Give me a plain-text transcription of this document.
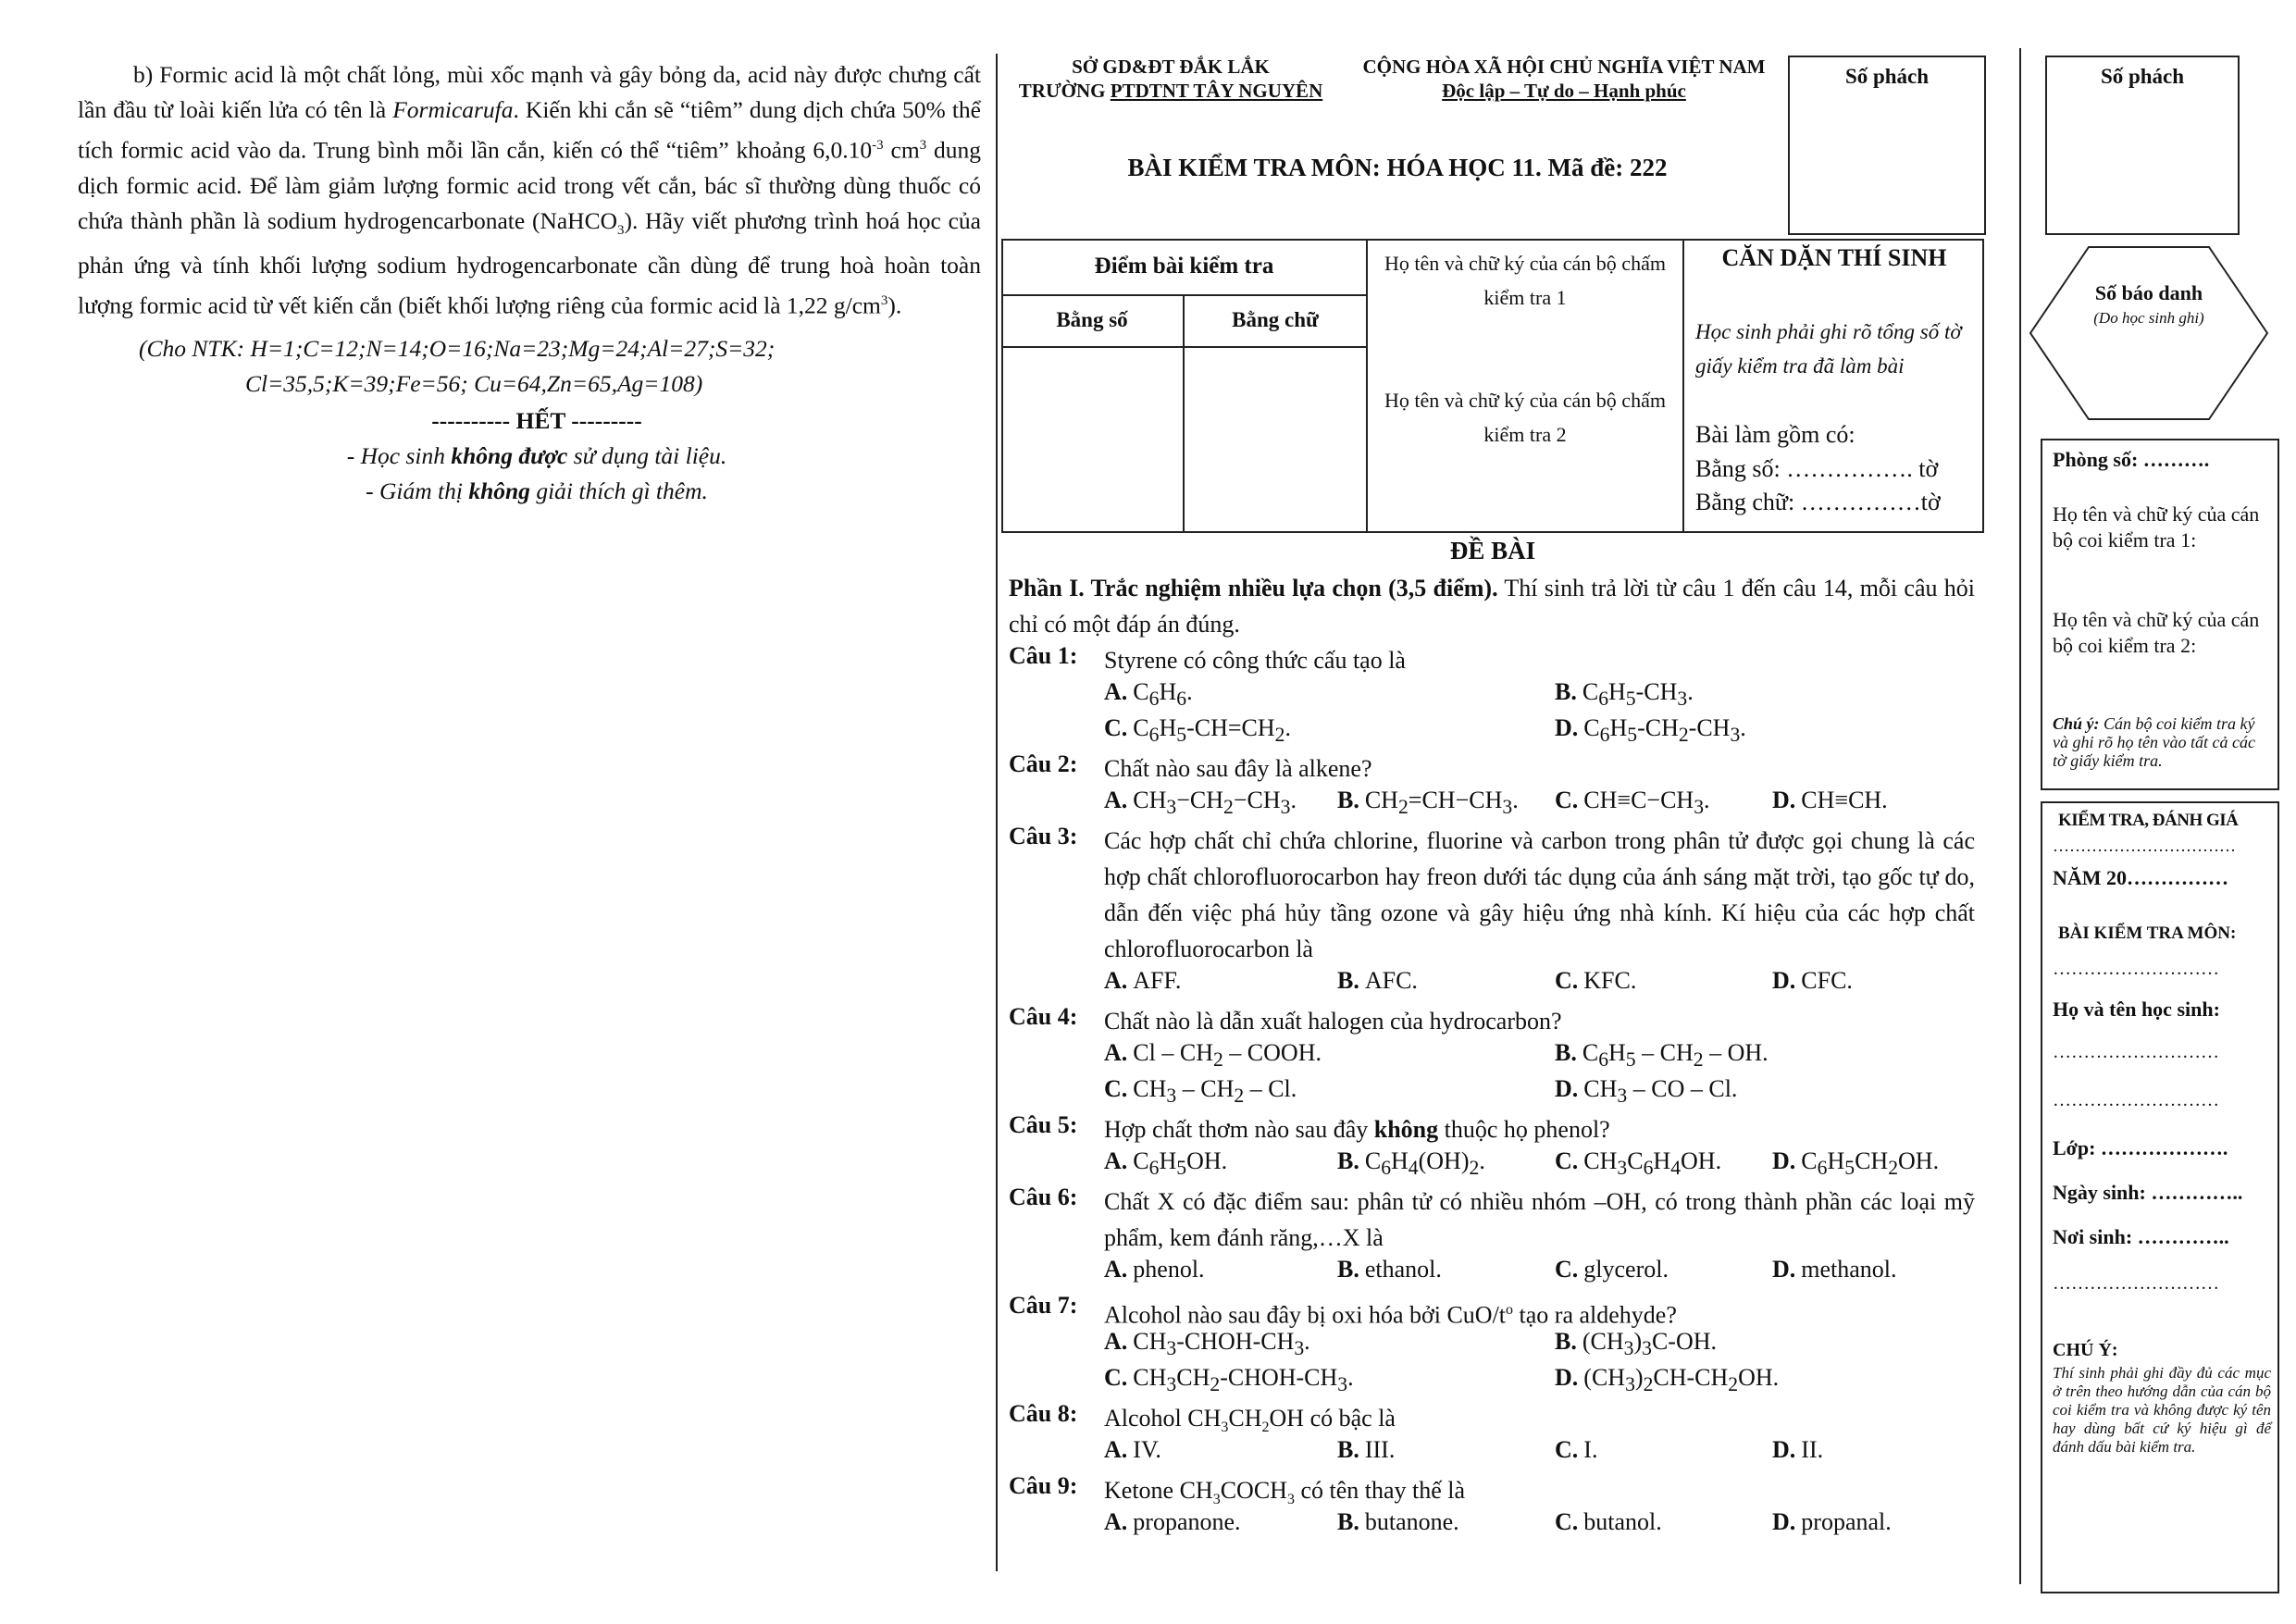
b) Formic acid là một chất lỏng, mùi xốc mạnh và gây bỏng da, acid này được chưng cất lần đầu từ loài kiến lửa có tên là Formicarufa. Kiến khi cắn sẽ “tiêm” dung dịch chứa 50% thể tích formic acid vào da. Trung bình mỗi lần cắn, kiến có thể “tiêm” khoảng $6,0.10^{-3}$ $cm^3$ dung dịch formic acid. Để làm giảm lượng formic acid trong vết cắn, bác sĩ thường dùng thuốc có chứa thành phần là sodium hydrogencarbonate (NaHCO$_3$). Hãy viết phương trình hoá học của phản ứng và tính khối lượng sodium hydrogencarbonate cần dùng để trung hoà hoàn toàn lượng formic acid từ vết kiến cắn (biết khối lượng riêng của formic acid là 1,22 $g/cm^3$).
(Cho NTK: H=1;C=12;N=14;O=16;Na=23;Mg=24;Al=27;S=32;
Cl=35,5;K=39;Fe=56; Cu=64,Zn=65,Ag=108)
---------- HẾT ---------
- Học sinh không được sử dụng tài liệu.
- Giám thị không giải thích gì thêm.
SỞ GD&ĐT ĐẮK LẮK
TRƯỜNG PTDTNT TÂY NGUYÊN
CỘNG HÒA XÃ HỘI CHỦ NGHĨA VIỆT NAM
Độc lập – Tự do – Hạnh phúc
Số phách
BÀI KIỂM TRA MÔN: HÓA HỌC 11. Mã đề: 222
Điểm bài kiểm tra
Bằng số	Bằng chữ
Họ tên và chữ ký của cán bộ chấm kiểm tra 1
Họ tên và chữ ký của cán bộ chấm kiểm tra 2
CĂN DẶN THÍ SINH
Học sinh phải ghi rõ tổng số tờ giấy kiểm tra đã làm bài
Bài làm gồm có:
Bằng số: ……………. tờ
Bằng chữ: ……………tờ
ĐỀ BÀI
Phần I. Trắc nghiệm nhiều lựa chọn (3,5 điểm). Thí sinh trả lời từ câu 1 đến câu 14, mỗi câu hỏi chỉ có một đáp án đúng.
Câu 1: Styrene có công thức cấu tạo là
A. $C_6H_6$.	B. $C_6H_5-CH_3$.
C. $C_6H_5-CH=CH_2$.	D. $C_6H_5-CH_2-CH_3$.
Câu 2: Chất nào sau đây là alkene?
A. $CH_3-CH_2-CH_3$. B. $CH_2=CH-CH_3$. C. $CH\equiv C-CH_3$.	D. CH≡CH.
Câu 3: Các hợp chất chỉ chứa chlorine, fluorine và carbon trong phân tử được gọi chung là các hợp chất chlorofluorocarbon hay freon dưới tác dụng của ánh sáng mặt trời, tạo gốc tự do, dẫn đến việc phá hủy tầng ozone và gây hiệu ứng nhà kính. Kí hiệu của các hợp chất chlorofluorocarbon là
A. AFF.	B. AFC.	C. KFC.	D. CFC.
Câu 4: Chất nào là dẫn xuất halogen của hydrocarbon?
A. Cl – $CH_2$ – COOH.	B. $C_6H_5 - CH_2$ – OH.
C. $CH_3 - CH_2$ – Cl.	D. $CH_3$ – CO – Cl.
Câu 5: Hợp chất thơm nào sau đây không thuộc họ phenol?
A. $C_6H_5OH$.	B. $C_6H_4(OH)_2$.	C. $CH_3C_6H_4OH$. D. $C_6H_5CH_2OH$.
Câu 6: Chất X có đặc điểm sau: phân tử có nhiều nhóm –OH, có trong thành phần các loại mỹ phẩm, kem đánh răng,…X là
A. phenol.	B. ethanol.	C. glycerol.	D. methanol.
Câu 7: Alcohol nào sau đây bị oxi hóa bởi CuO/$t^o$ tạo ra aldehyde?
A. $CH_3-CHOH-CH_3$.	B. $(CH_3)_3C-OH$.
C. $CH_3CH_2-CHOH-CH_3$.	D. $(CH_3)_2CH-CH_2OH$.
Câu 8: Alcohol $CH_3CH_2OH$ có bậc là
A. IV.	B. III.	C. I.	D. II.
Câu 9: Ketone $CH_3COCH_3$ có tên thay thế là
A. propanone.	B. butanone.	C. butanol.	D. propanal.
Số phách
Số báo danh
(Do học sinh ghi)
Phòng số: ……….
Họ tên và chữ ký của cán bộ coi kiểm tra 1:
Họ tên và chữ ký của cán bộ coi kiểm tra 2:
Chú ý: Cán bộ coi kiểm tra ký và ghi rõ họ tên vào tất cả các tờ giấy kiểm tra.
KIỂM TRA, ĐÁNH GIÁ
……………………………
NĂM 20……………
BÀI KIỂM TRA MÔN:
………………………
Họ và tên học sinh:
………………………
………………………
Lớp: ……………….
Ngày sinh: …………..
Nơi sinh: …………..
………………………
CHÚ Ý:
Thí sinh phải ghi đầy đủ các mục ở trên theo hướng dẫn của cán bộ coi kiểm tra và không được ký tên hay dùng bất cứ ký hiệu gì để đánh dấu bài kiểm tra.
